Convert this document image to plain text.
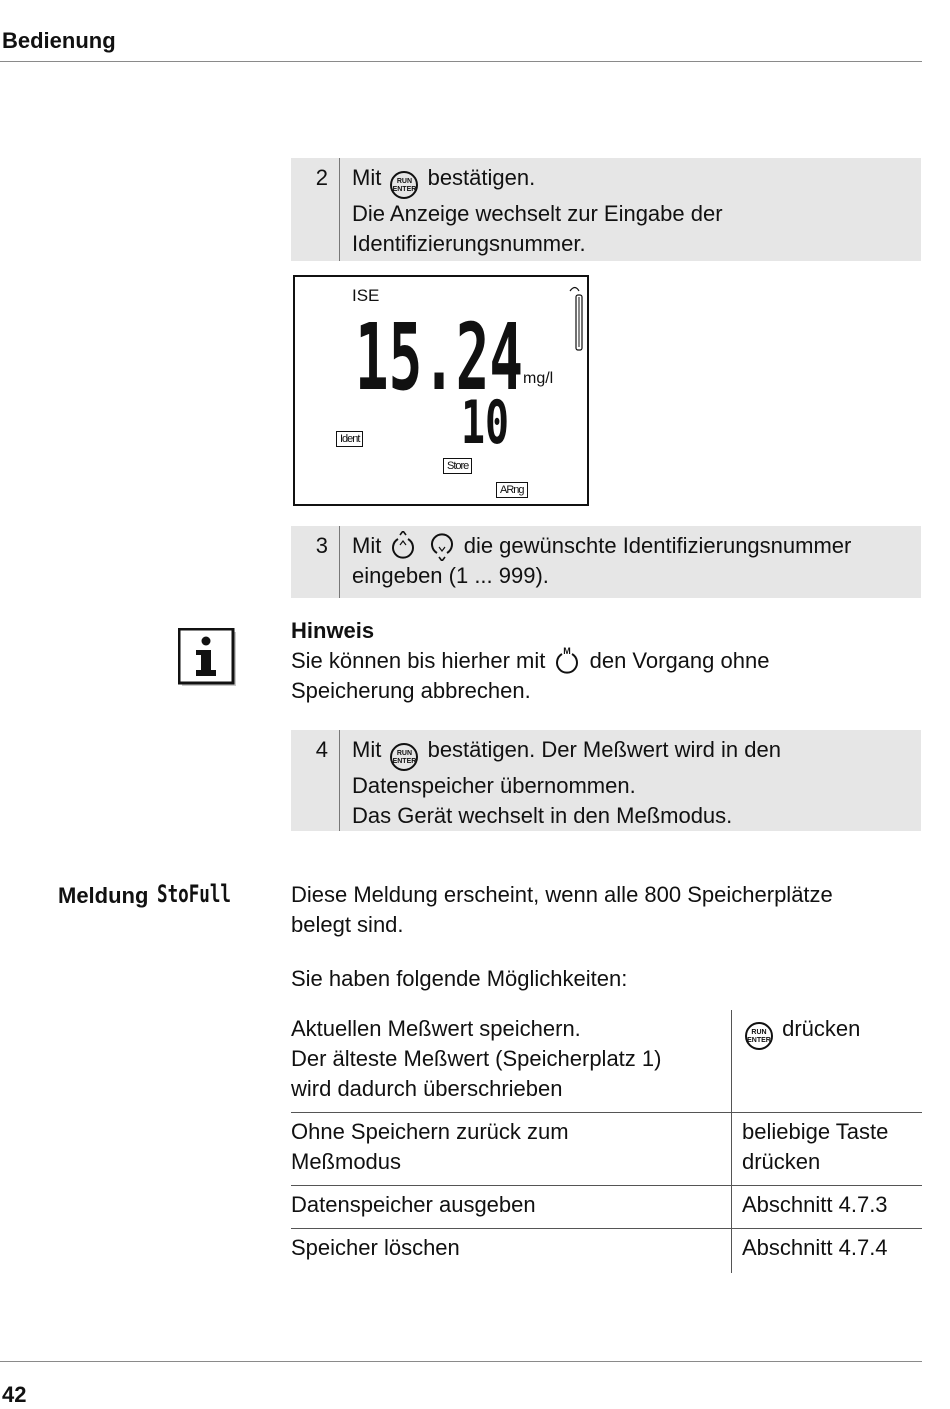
Bedienung
2	Mit RUN
ENTER bestätigen.
Die Anzeige wechselt zur Eingabe der
Identifizierungsnummer.
ISE
15.24 mg/l
10
Ident
Store
ARng
3	Mit	die gewünschte Identifizierungsnummer
eingeben (1 ... 999).
Hinweis
Sie können bis hierher mit M den Vorgang ohne
Speicherung abbrechen.
4	Mit RUN
ENTER bestätigen. Der Meßwert wird in den
Datenspeicher übernommen.
Das Gerät wechselt in den Meßmodus.
Meldung StoFull	Diese Meldung erscheint, wenn alle 800 Speicherplätze
belegt sind.
Sie haben folgende Möglichkeiten:
Aktuellen Meßwert speichern.
Der älteste Meßwert (Speicherplatz 1)
wird dadurch überschrieben	RUN
ENTER drücken

Ohne Speichern zurück zum
Meßmodus	beliebige Taste drücken

Datenspeicher ausgeben	Abschnitt 4.7.3

Speicher löschen	Abschnitt 4.7.4
42
